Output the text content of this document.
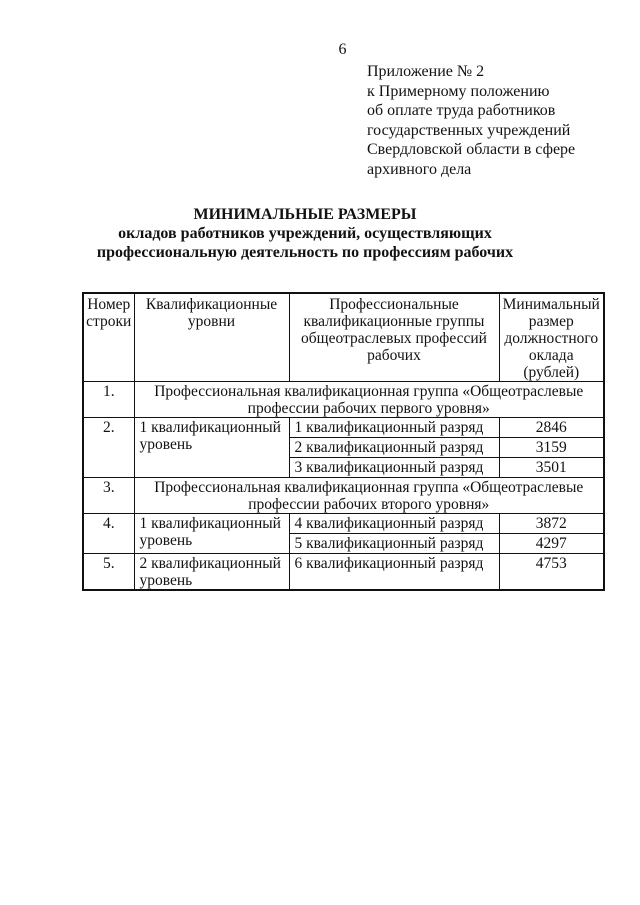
6
Приложение № 2
к Примерному положению
об оплате труда работников
государственных учреждений
Свердловской области в сфере
архивного дела
МИНИМАЛЬНЫЕ РАЗМЕРЫ
окладов работников учреждений, осуществляющих
профессиональную деятельность по профессиям рабочих
Номер строки	Квалификационные уровни	Профессиональные квалификационные группы общеотраслевых профессий рабочих	Минимальный размер должностного оклада (рублей)
1.	Профессиональная квалификационная группа «Общеотраслевые профессии рабочих первого уровня»		
2.	1 квалификационный уровень	1 квалификационный разряд	2846
		2 квалификационный разряд	3159
		3 квалификационный разряд	3501
3.	Профессиональная квалификационная группа «Общеотраслевые профессии рабочих второго уровня»		
4.	1 квалификационный уровень	4 квалификационный разряд	3872
		5 квалификационный разряд	4297
5.	2 квалификационный уровень	6 квалификационный разряд	4753
